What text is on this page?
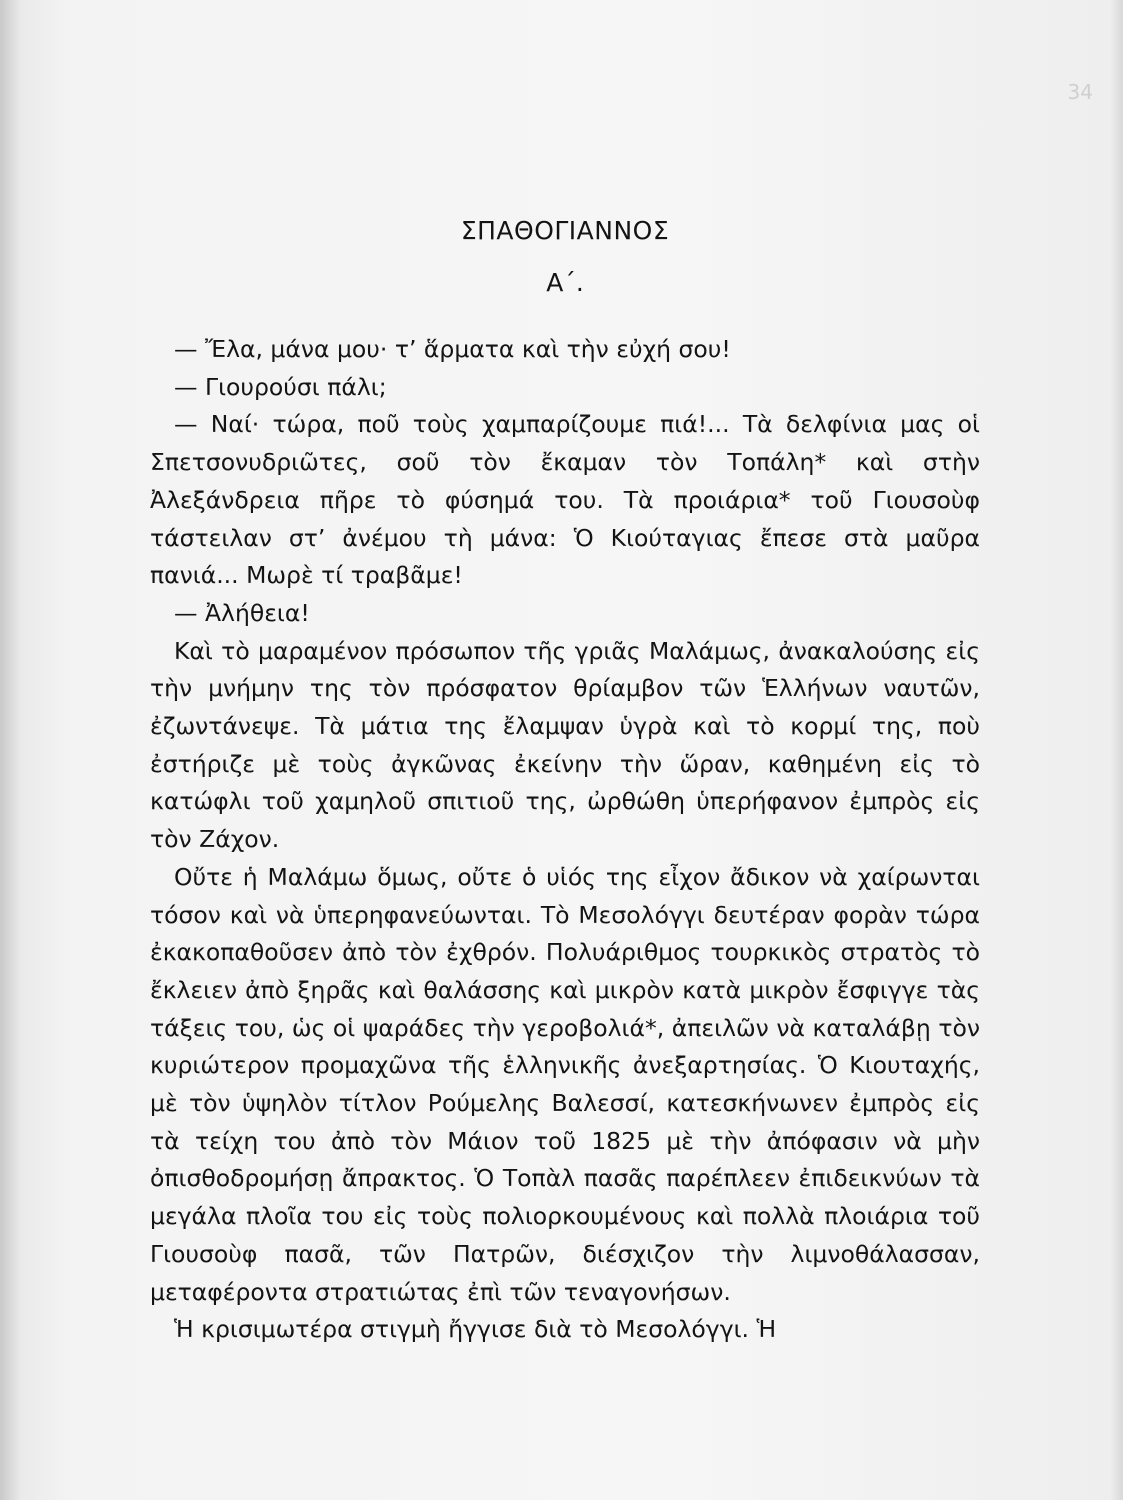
34
ΣΠΑΘΟΓΙΑΝΝΟΣ
Α΄.

— Ἔλα, μάνα μου· τ’ ἅρματα καὶ τὴν εὐχή σου!

— Γιουρούσι πάλι;

— Ναί· τώρα, ποῦ τοὺς χαμπαρίζουμε πιά!... Τὰ δελφίνια μας οἱ Σπετσονυδριῶτες, σοῦ τὸν ἔκαμαν τὸν Τοπάλη* καὶ στὴν Ἀλεξάνδρεια πῆρε τὸ φύσημά του. Τὰ προιάρια* τοῦ Γιουσοὺφ τάστειλαν στ’ ἀνέμου τὴ μάνα: Ὁ Κιούταγιας ἔπεσε στὰ μαῦρα πανιά... Μωρὲ τί τραβᾶμε!

— Ἀλήθεια!

Καὶ τὸ μαραμένον πρόσωπον τῆς γριᾶς Μαλάμως, ἀνακαλούσης εἰς τὴν μνήμην της τὸν πρόσφατον θρίαμβον τῶν Ἑλλήνων ναυτῶν, ἐζωντάνεψε. Τὰ μάτια της ἔλαμψαν ὑγρὰ καὶ τὸ κορμί της, ποὺ ἐστήριζε μὲ τοὺς ἀγκῶνας ἐκείνην τὴν ὥραν, καθημένη εἰς τὸ κατώφλι τοῦ χαμηλοῦ σπιτιοῦ της, ὠρθώθη ὑπερήφανον ἐμπρὸς εἰς τὸν Ζάχον.

Οὔτε ἡ Μαλάμω ὅμως, οὔτε ὁ υἱός της εἶχον ἄδικον νὰ χαίρωνται τόσον καὶ νὰ ὑπερηφανεύωνται. Τὸ Μεσολόγγι δευτέραν φορὰν τώρα ἐκακοπαθοῦσεν ἀπὸ τὸν ἐχθρόν. Πολυάριθμος τουρκικὸς στρατὸς τὸ ἔκλειεν ἀπὸ ξηρᾶς καὶ θαλάσσης καὶ μικρὸν κατὰ μικρὸν ἔσφιγγε τὰς τάξεις του, ὡς οἱ ψαράδες τὴν γεροβολιά*, ἀπειλῶν νὰ καταλάβῃ τὸν κυριώτερον προμαχῶνα τῆς ἑλληνικῆς ἀνεξαρτησίας. Ὁ Κιουταχής, μὲ τὸν ὑψηλὸν τίτλον Ρούμελης Βαλεσσί, κατεσκήνωνεν ἐμπρὸς εἰς τὰ τείχη του ἀπὸ τὸν Μάιον τοῦ 1825 μὲ τὴν ἀπόφασιν νὰ μὴν ὀπισθοδρομήσῃ ἄπρακτος. Ὁ Τοπὰλ πασᾶς παρέπλεεν ἐπιδεικνύων τὰ μεγάλα πλοῖα του εἰς τοὺς πολιορκουμένους καὶ πολλὰ πλοιάρια τοῦ Γιουσοὺφ πασᾶ, τῶν Πατρῶν, διέσχιζον τὴν λιμνοθάλασσαν, μεταφέροντα στρατιώτας ἐπὶ τῶν τεναγονήσων.

Ἡ κρισιμωτέρα στιγμὴ ἤγγισε διὰ τὸ Μεσολόγγι. Ἡ
